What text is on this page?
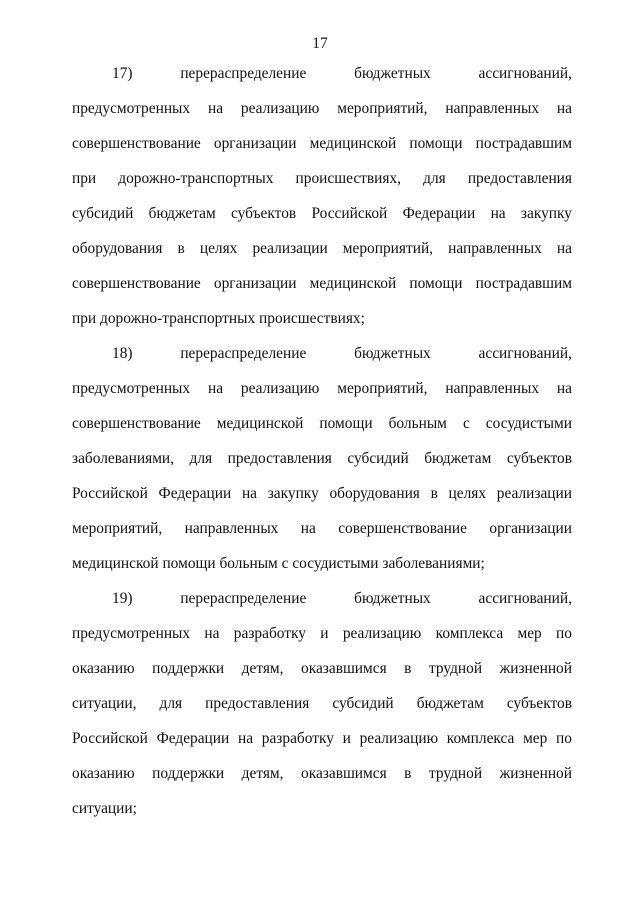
17
17) перераспределение бюджетных ассигнований,
предусмотренных на реализацию мероприятий, направленных на
совершенствование организации медицинской помощи пострадавшим
при дорожно-транспортных происшествиях, для предоставления
субсидий бюджетам субъектов Российской Федерации на закупку
оборудования в целях реализации мероприятий, направленных на
совершенствование организации медицинской помощи пострадавшим
при дорожно-транспортных происшествиях;
18) перераспределение бюджетных ассигнований,
предусмотренных на реализацию мероприятий, направленных на
совершенствование медицинской помощи больным с сосудистыми
заболеваниями, для предоставления субсидий бюджетам субъектов
Российской Федерации на закупку оборудования в целях реализации
мероприятий, направленных на совершенствование организации
медицинской помощи больным с сосудистыми заболеваниями;
19) перераспределение бюджетных ассигнований,
предусмотренных на разработку и реализацию комплекса мер по
оказанию поддержки детям, оказавшимся в трудной жизненной
ситуации, для предоставления субсидий бюджетам субъектов
Российской Федерации на разработку и реализацию комплекса мер по
оказанию поддержки детям, оказавшимся в трудной жизненной
ситуации;
